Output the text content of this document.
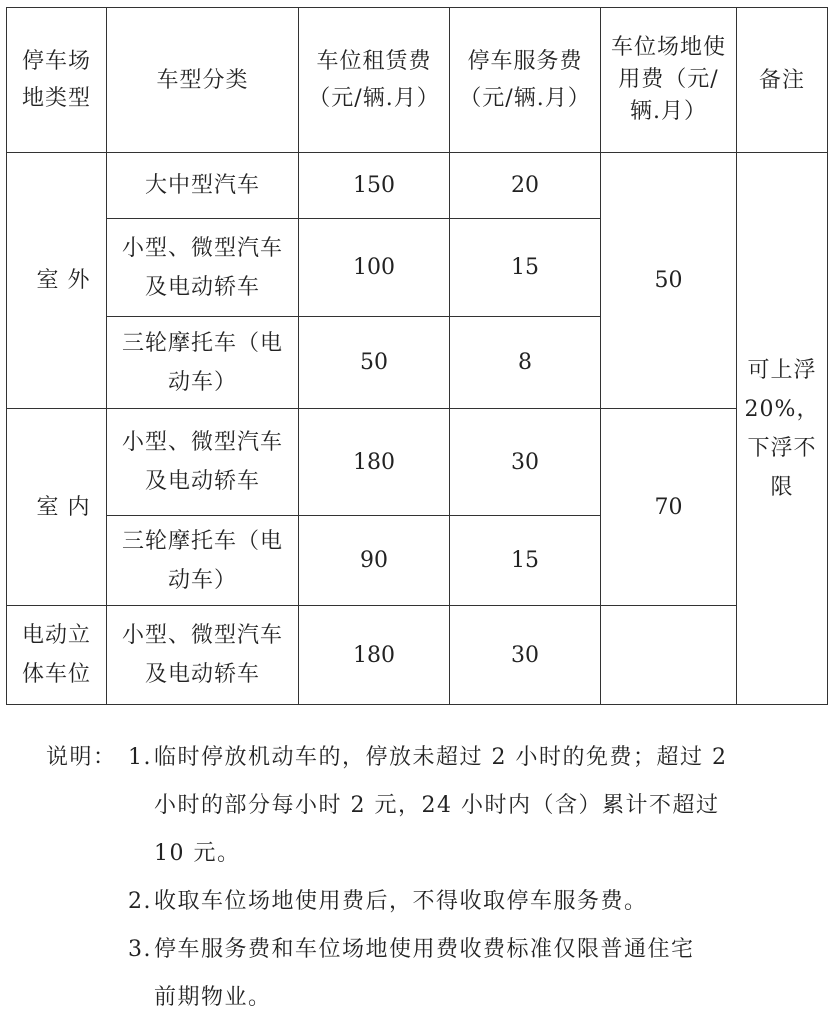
停车场地类型	车型分类	车位租赁费（元/辆.月）	停车服务费（元/辆.月）	车位场地使用费（元/辆.月）	备注	
室 外	大中型汽车	150	20	50	可上浮20%，下浮不限	
	小型、微型汽车及电动轿车	100	15			
	三轮摩托车（电动车）	50	8			
室 内	小型、微型汽车及电动轿车	180	30	70		
	三轮摩托车（电动车）	90	15			
电动立体车位	小型、微型汽车及电动轿车	180	30			
说明： 1. 临时停放机动车的，停放未超过 2 小时的免费；超过 2
小时的部分每小时 2 元，24 小时内（含）累计不超过
10 元。
2. 收取车位场地使用费后，不得收取停车服务费。
3. 停车服务费和车位场地使用费收费标准仅限普通住宅
前期物业。
